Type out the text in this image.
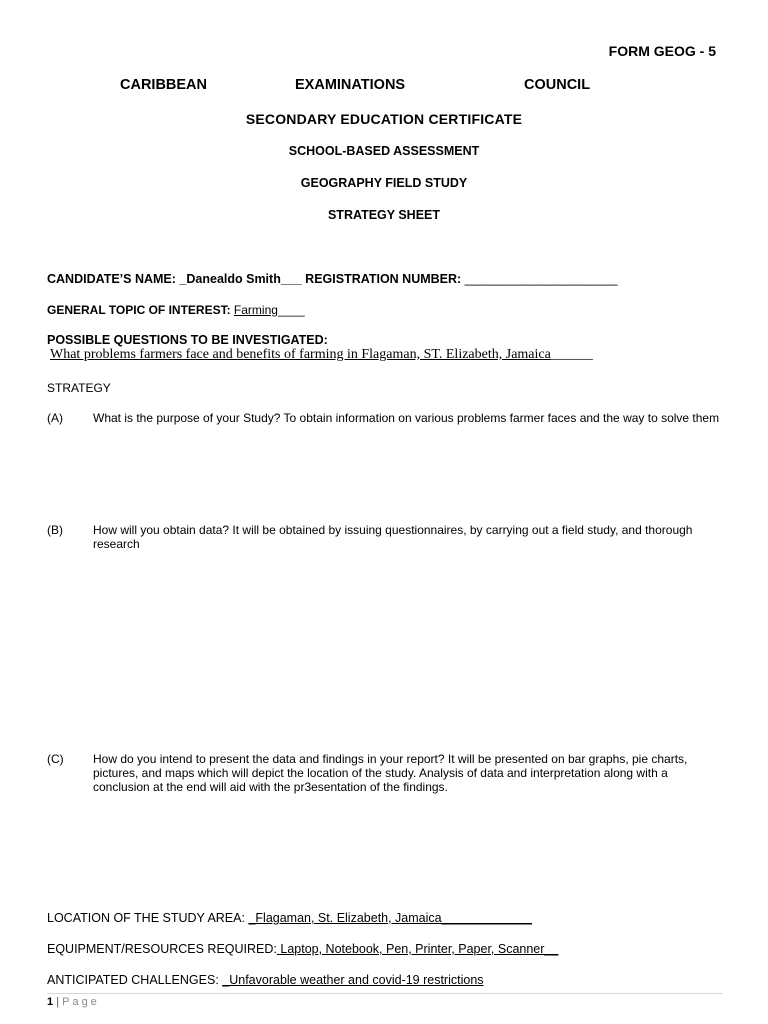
FORM GEOG - 5
CARIBBEAN	EXAMINATIONS	COUNCIL
SECONDARY EDUCATION CERTIFICATE
SCHOOL-BASED ASSESSMENT
GEOGRAPHY FIELD STUDY
STRATEGY SHEET
CANDIDATE’S NAME: _Danealdo Smith___ REGISTRATION NUMBER: ______________________
GENERAL TOPIC OF INTEREST: Farming____
POSSIBLE QUESTIONS TO BE INVESTIGATED:
What problems farmers face and benefits of farming in Flagaman, ST. Elizabeth, Jamaica______
STRATEGY
(A)	What is the purpose of your Study? To obtain information on various problems farmer faces and the way to solve them
(B)	How will you obtain data? It will be obtained by issuing questionnaires, by carrying out a field study, and thorough research
(C) How do you intend to present the data and findings in your report? It will be presented on bar graphs, pie charts, pictures, and maps which will depict the location of the study. Analysis of data and interpretation along with a conclusion at the end will aid with the pr3esentation of the findings.
LOCATION OF THE STUDY AREA: _Flagaman, St. Elizabeth, Jamaica_____________
EQUIPMENT/RESOURCES REQUIRED: Laptop, Notebook, Pen, Printer, Paper, Scanner__
ANTICIPATED CHALLENGES: _Unfavorable weather and covid-19 restrictions
1 | Page
